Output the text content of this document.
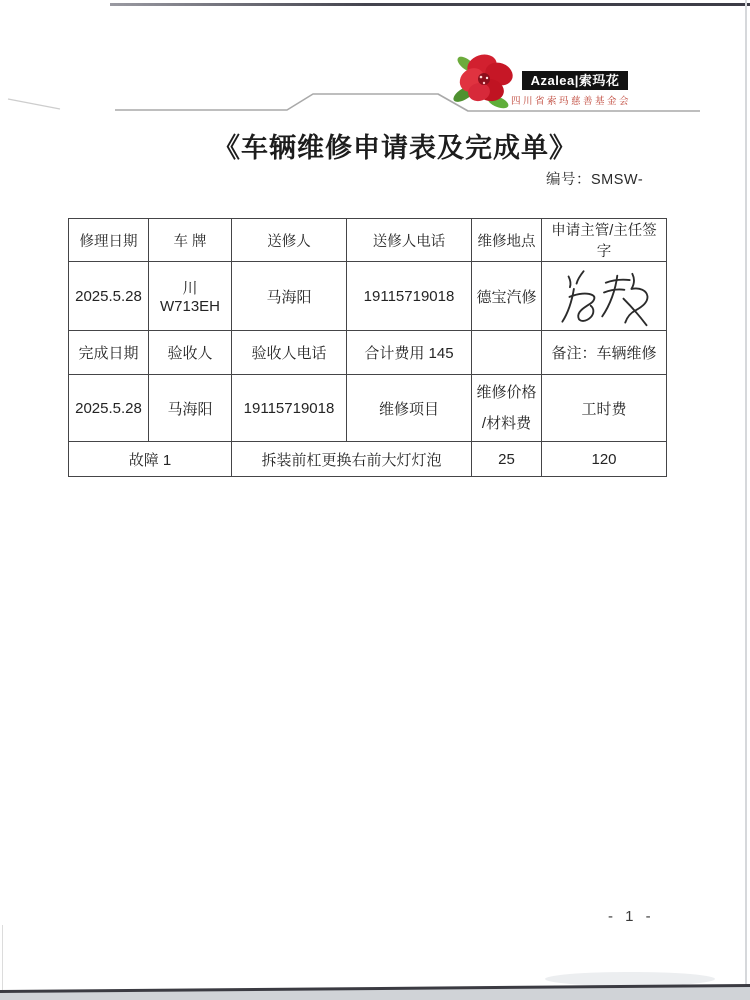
Azalea|索玛花
四川省索玛慈善基金会
《车辆维修申请表及完成单》
编号：SMSW-
修理日期	车 牌	送修人	送修人电话	维修地点	申请主管/主任签字
2025.5.28	川 W713EH	马海阳	19115719018	德宝汽修	

完成日期	验收人	验收人电话	合计费用 145		备注：车辆维修
2025.5.28	马海阳	19115719018	维修项目	维修价格
/材料费	工时费
故障 1		拆装前杠更换右前大灯灯泡		25	120
- 1 -
